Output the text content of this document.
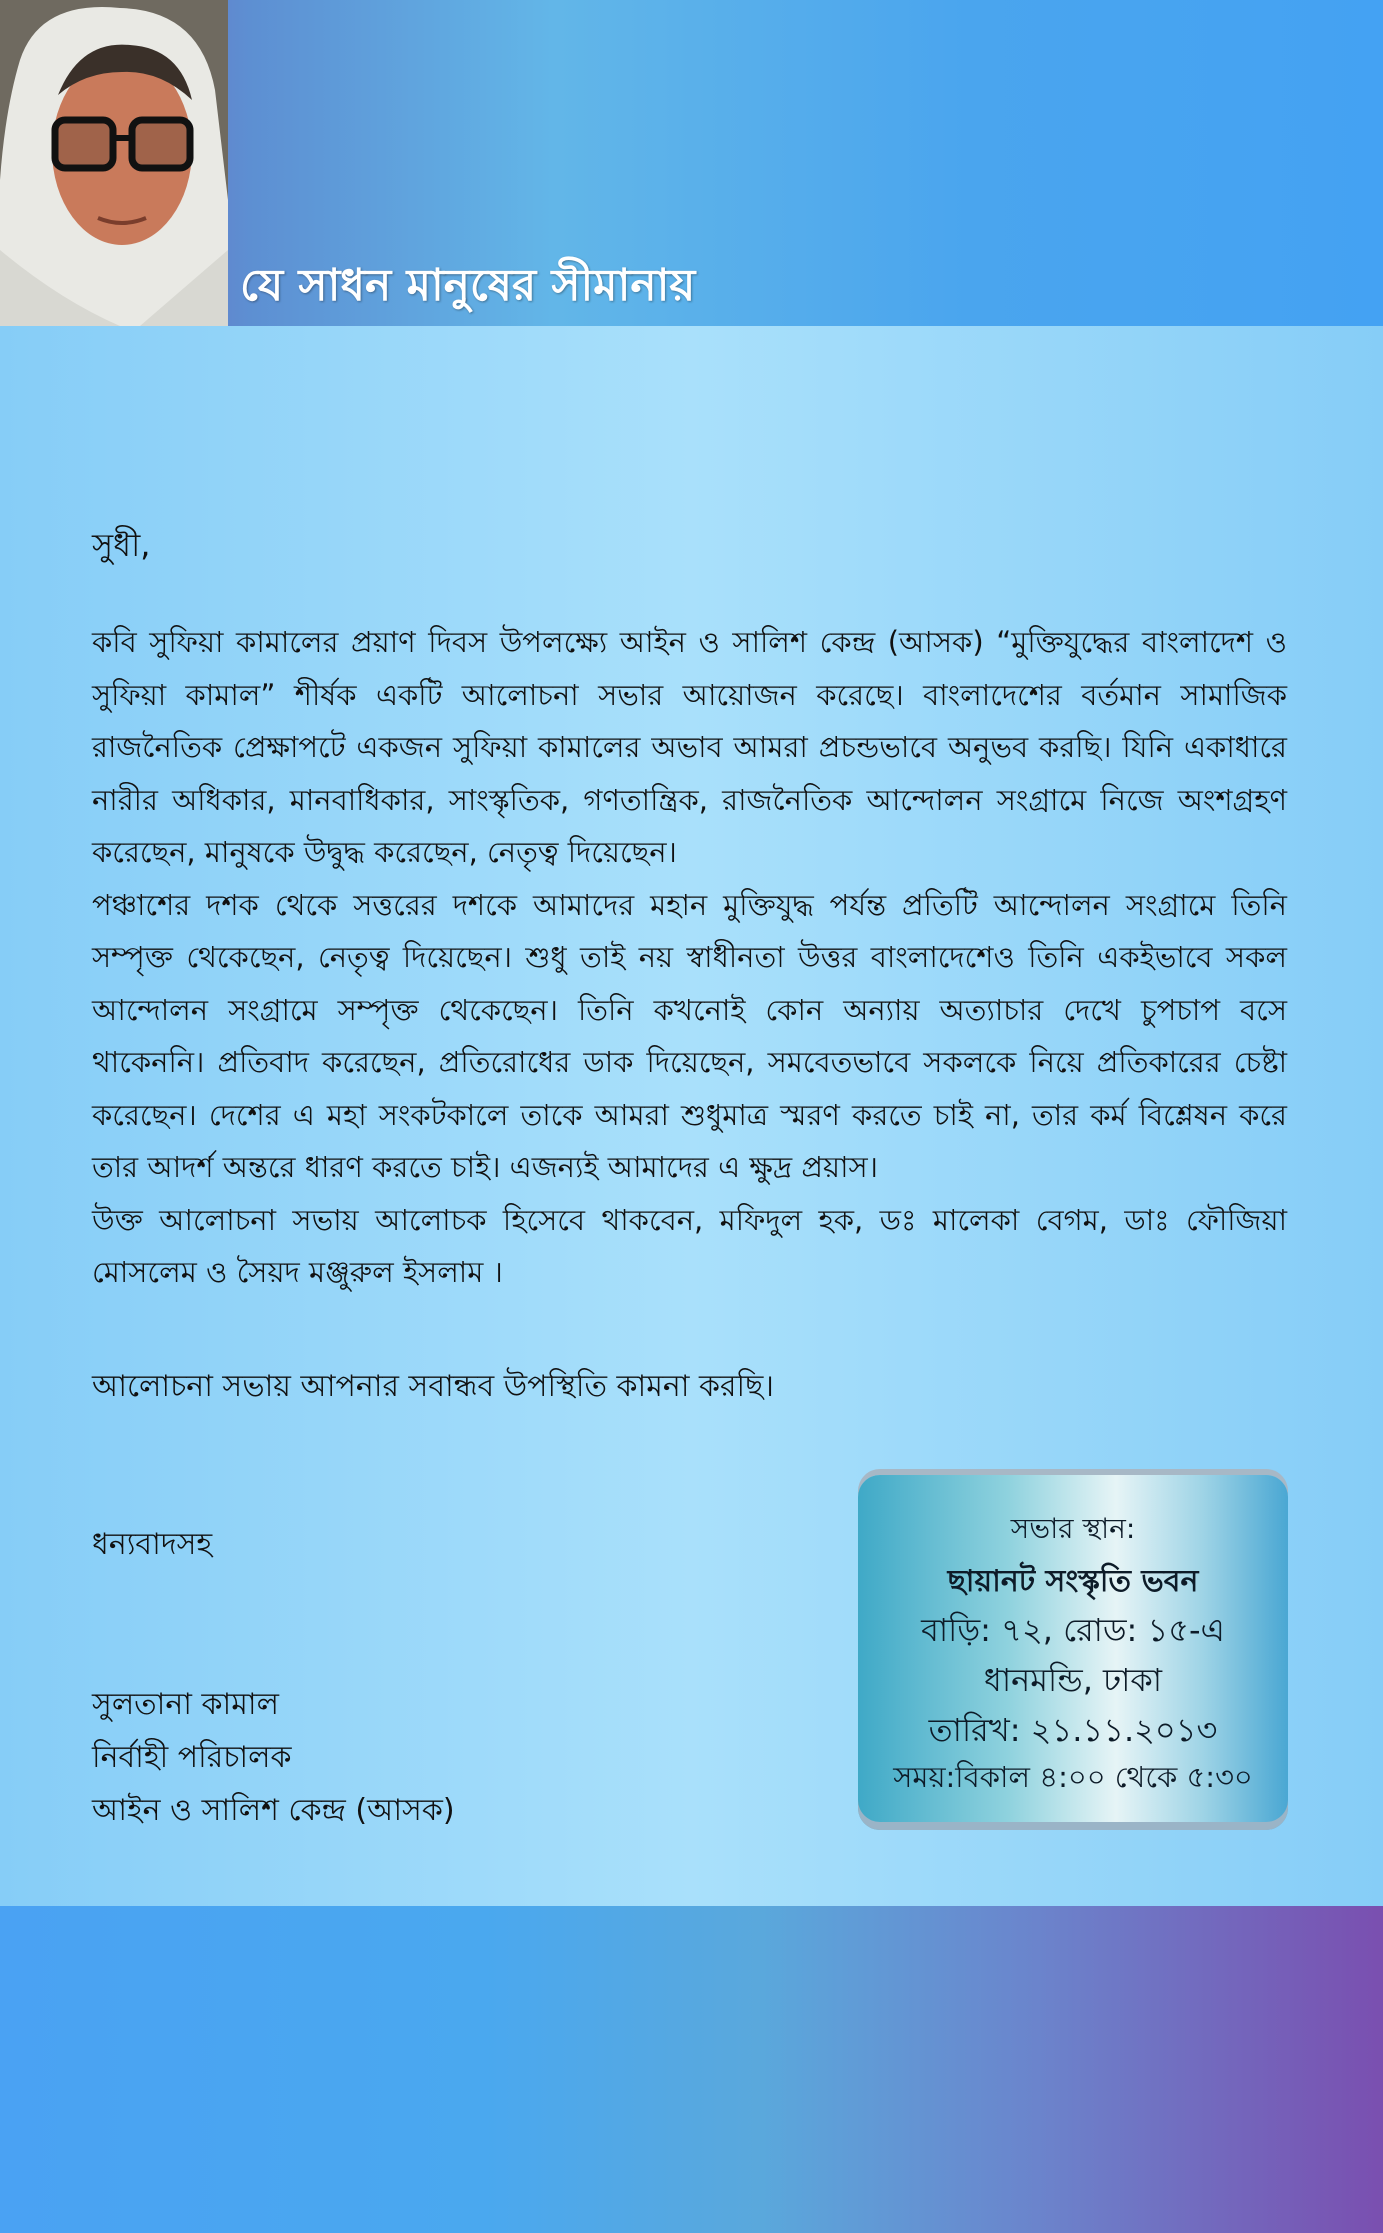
যে সাধন মানুষের সীমানায়
সুধী,

কবি সুফিয়া কামালের প্রয়াণ দিবস উপলক্ষ্যে আইন ও সালিশ কেন্দ্র (আসক) “মুক্তিযুদ্ধের বাংলাদেশ ও সুফিয়া কামাল” শীর্ষক একটি আলোচনা সভার আয়োজন করেছে। বাংলাদেশের বর্তমান সামাজিক রাজনৈতিক প্রেক্ষাপটে একজন সুফিয়া কামালের অভাব আমরা প্রচন্ডভাবে অনুভব করছি। যিনি একাধারে নারীর অধিকার, মানবাধিকার, সাংস্কৃতিক, গণতান্ত্রিক, রাজনৈতিক আন্দোলন সংগ্রামে নিজে অংশগ্রহণ করেছেন, মানুষকে উদ্বুদ্ধ করেছেন, নেতৃত্ব দিয়েছেন।

পঞ্চাশের দশক থেকে সত্তরের দশকে আমাদের মহান মুক্তিযুদ্ধ পর্যন্ত প্রতিটি আন্দোলন সংগ্রামে তিনি সম্পৃক্ত থেকেছেন, নেতৃত্ব দিয়েছেন। শুধু তাই নয় স্বাধীনতা উত্তর বাংলাদেশেও তিনি একইভাবে সকল আন্দোলন সংগ্রামে সম্পৃক্ত থেকেছেন। তিনি কখনোই কোন অন্যায় অত্যাচার দেখে চুপচাপ বসে থাকেননি। প্রতিবাদ করেছেন, প্রতিরোধের ডাক দিয়েছেন, সমবেতভাবে সকলকে নিয়ে প্রতিকারের চেষ্টা করেছেন। দেশের এ মহা সংকটকালে তাকে আমরা শুধুমাত্র স্মরণ করতে চাই না, তার কর্ম বিশ্লেষন করে তার আদর্শ অন্তরে ধারণ করতে চাই। এজন্যই আমাদের এ ক্ষুদ্র প্রয়াস।

উক্ত আলোচনা সভায় আলোচক হিসেবে থাকবেন, মফিদুল হক, ডঃ মালেকা বেগম, ডাঃ ফৌজিয়া মোসলেম ও সৈয়দ মঞ্জুরুল ইসলাম ।

আলোচনা সভায় আপনার সবান্ধব উপস্থিতি কামনা করছি।
ধন্যবাদসহ
সুলতানা কামাল
নির্বাহী পরিচালক
আইন ও সালিশ কেন্দ্র (আসক)
সভার স্থান:
ছায়ানট সংস্কৃতি ভবন
বাড়ি: ৭২, রোড: ১৫-এ
ধানমন্ডি, ঢাকা
তারিখ: ২১.১১.২০১৩
সময়:বিকাল ৪:০০ থেকে ৫:৩০
